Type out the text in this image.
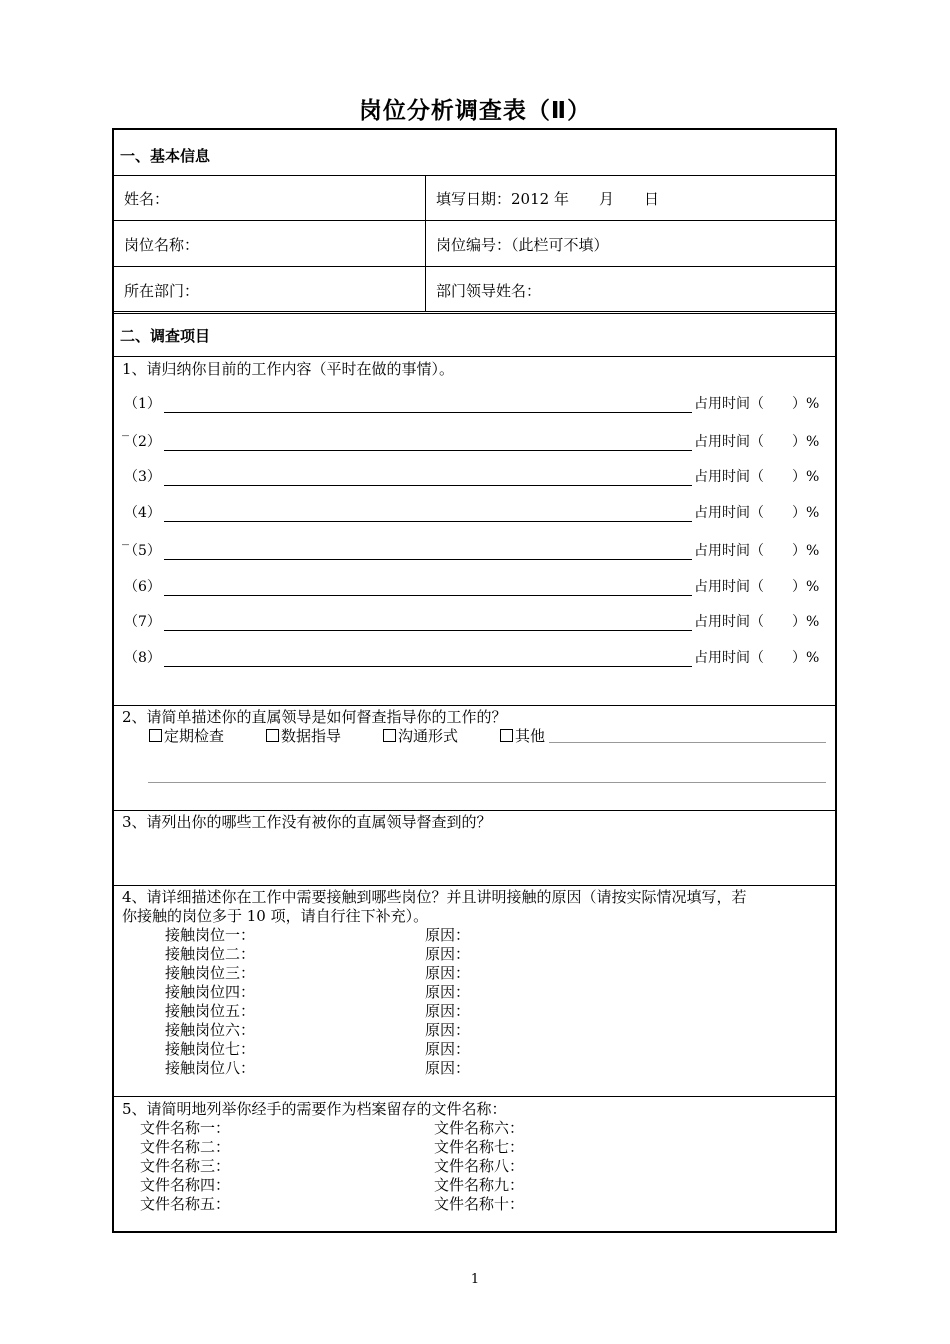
岗位分析调查表（Ⅱ）
一、基本信息
姓名：	填写日期：2012 年　　月　　日
岗位名称：	岗位编号：（此栏可不填）
所在部门：	部门领导姓名：
二、调查项目
1、请归纳你目前的工作内容（平时在做的事情）。
（1）	占用时间（　　）%
（2）	占用时间（　　）%
（3）	占用时间（　　）%
（4）	占用时间（　　）%
（5）	占用时间（　　）%
（6）	占用时间（　　）%
（7）	占用时间（　　）%
（8）	占用时间（　　）%
_
_
2、请简单描述你的直属领导是如何督查指导你的工作的？
定期检查	数据指导	沟通形式	其他
3、请列出你的哪些工作没有被你的直属领导督查到的？
4、请详细描述你在工作中需要接触到哪些岗位？并且讲明接触的原因（请按实际情况填写，若
你接触的岗位多于 10 项，请自行往下补充）。
接触岗位一：	原因：
接触岗位二：	原因：
接触岗位三：	原因：
接触岗位四：	原因：
接触岗位五：	原因：
接触岗位六：	原因：
接触岗位七：	原因：
接触岗位八：	原因：
5、请简明地列举你经手的需要作为档案留存的文件名称：
文件名称一：	文件名称六：
文件名称二：	文件名称七：
文件名称三：	文件名称八：
文件名称四：	文件名称九：
文件名称五：	文件名称十：
1
